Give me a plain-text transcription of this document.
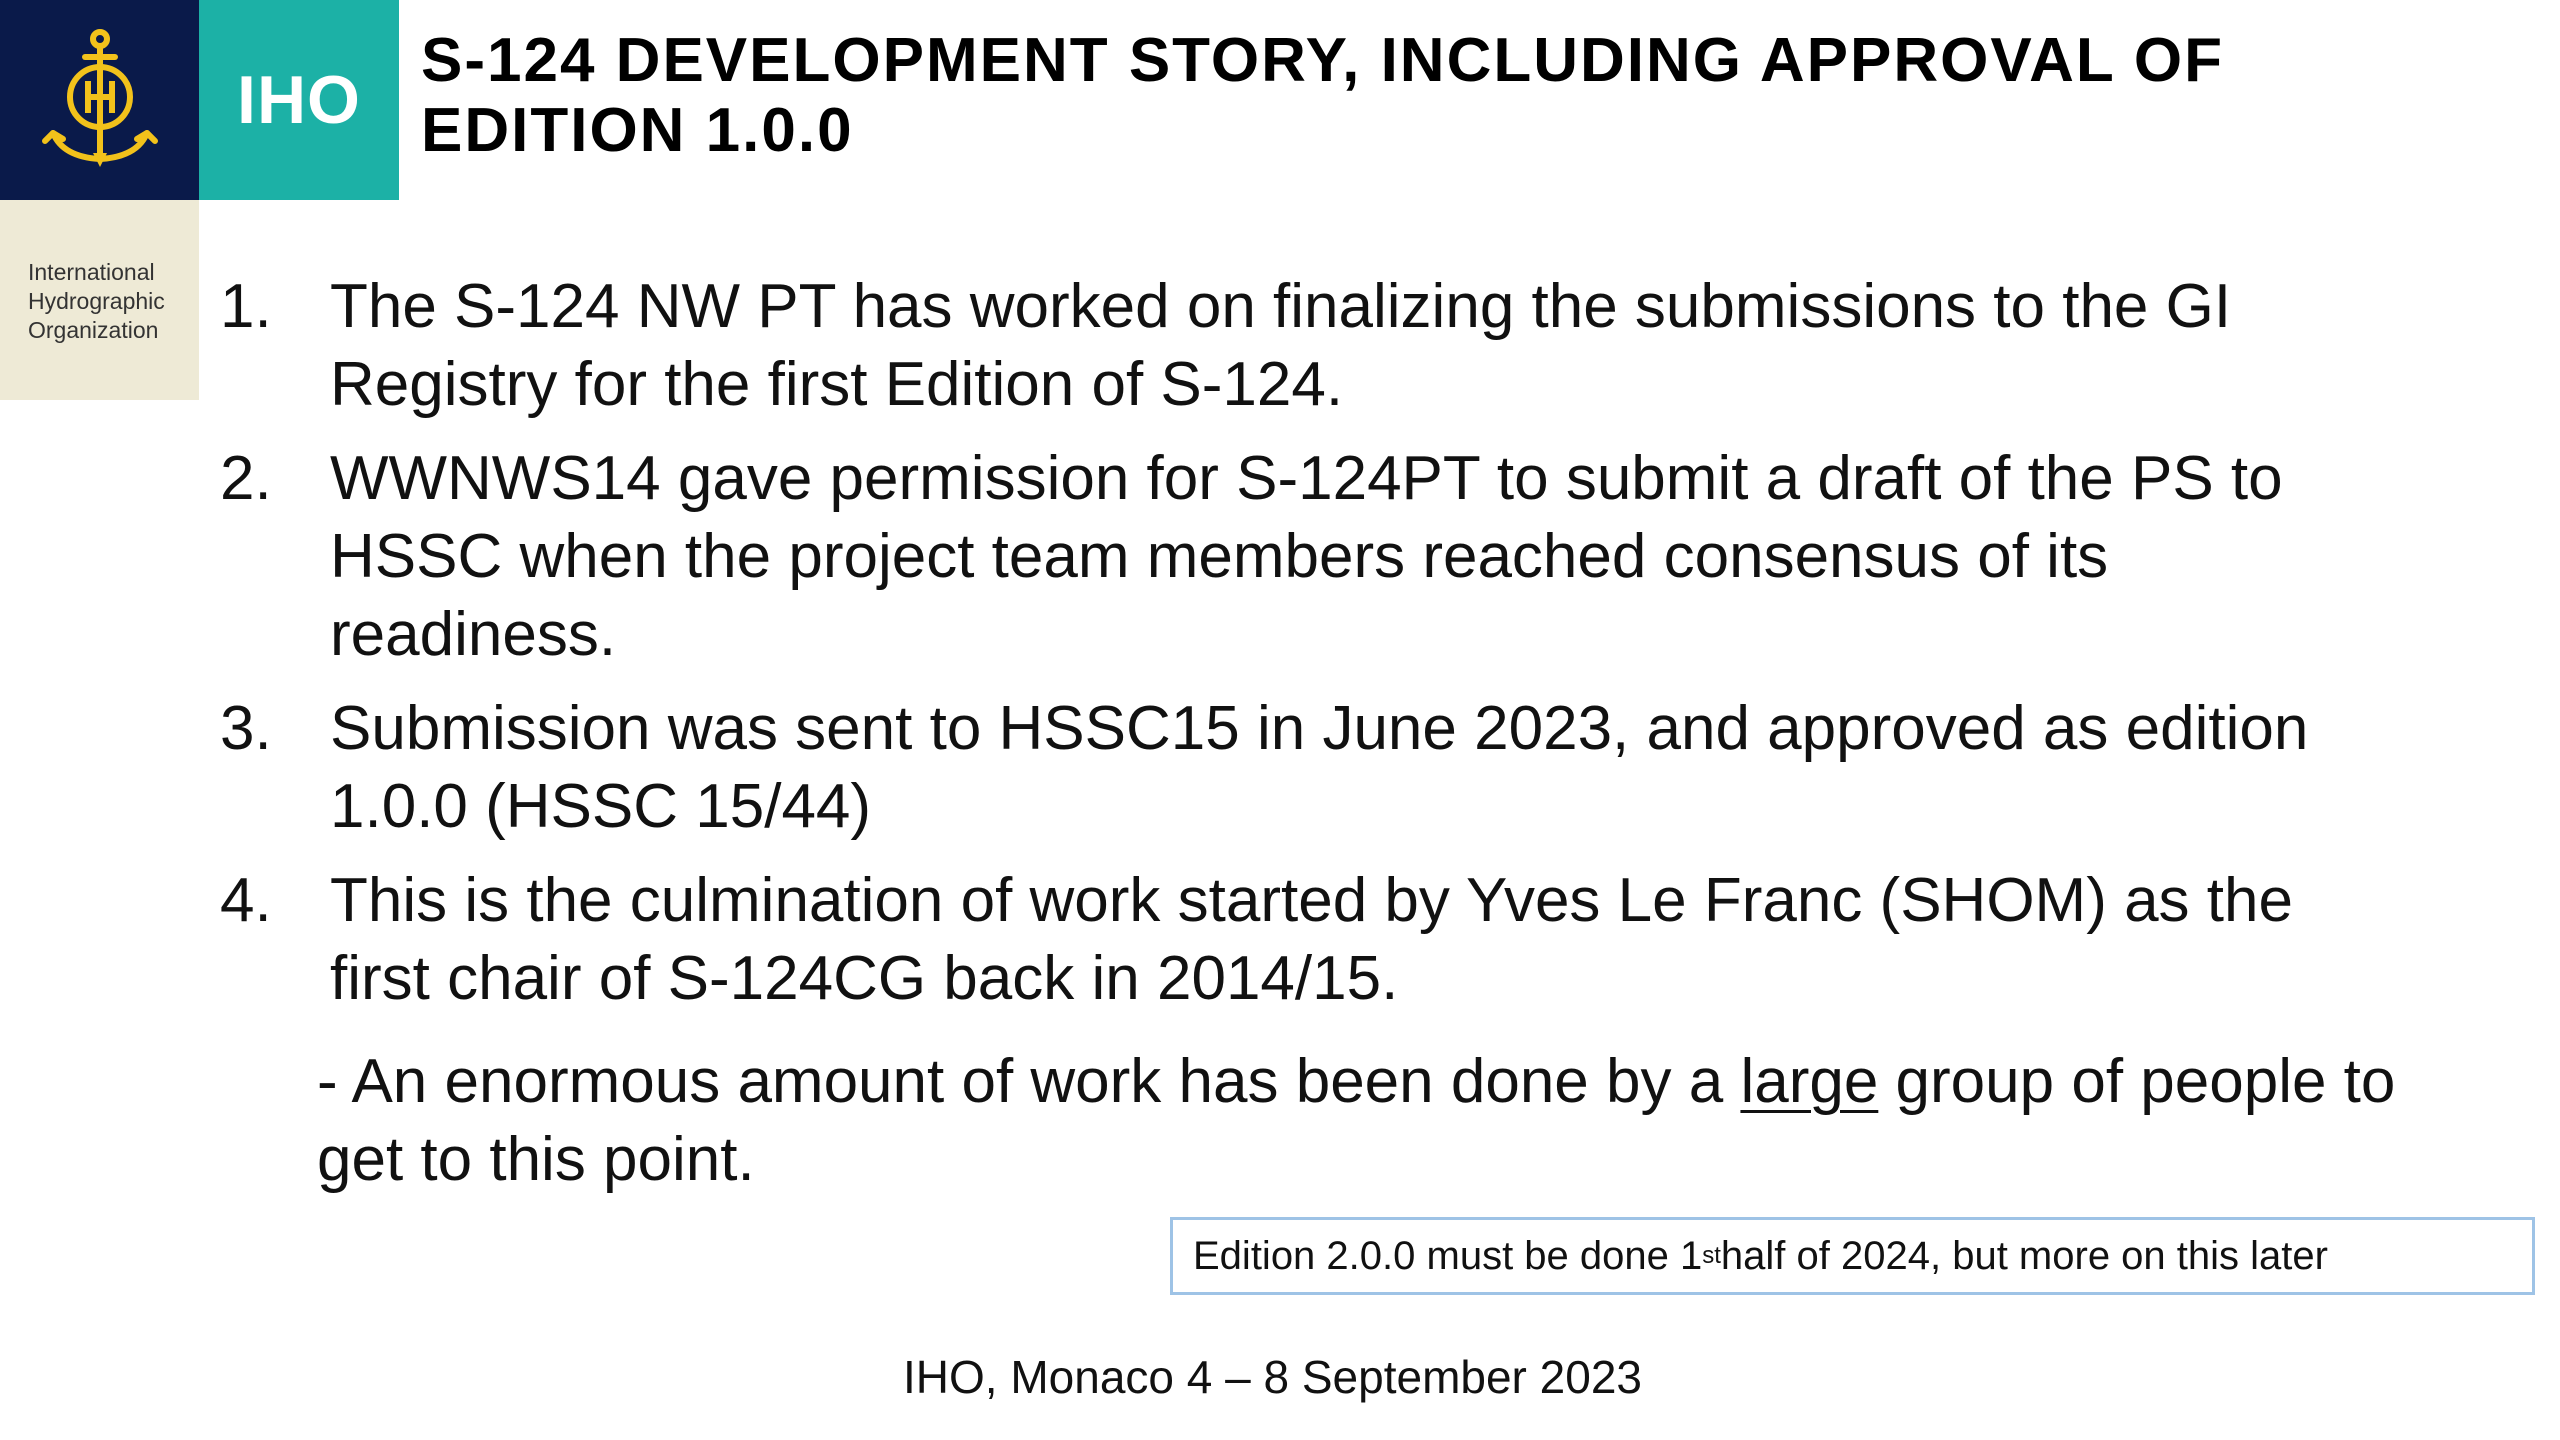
IHO
International
Hydrographic
Organization
S-124 DEVELOPMENT STORY, INCLUDING APPROVAL OF
EDITION 1.0.0
1. The S-124 NW PT has worked on finalizing the submissions to the GI
Registry for the first Edition of S-124.
2. WWNWS14 gave permission for S-124PT to submit a draft of the PS to
HSSC when the project team members reached consensus of its
readiness.
3. Submission was sent to HSSC15 in June 2023, and approved as edition
1.0.0 (HSSC 15/44)
4. This is the culmination of work started by Yves Le Franc (SHOM) as the
first chair of S-124CG back in 2014/15.
- An enormous amount of work has been done by a large group of people to
get to this point.
Edition 2.0.0 must be done 1 st half of 2024, but more on this later
IHO, Monaco 4 – 8 September 2023
